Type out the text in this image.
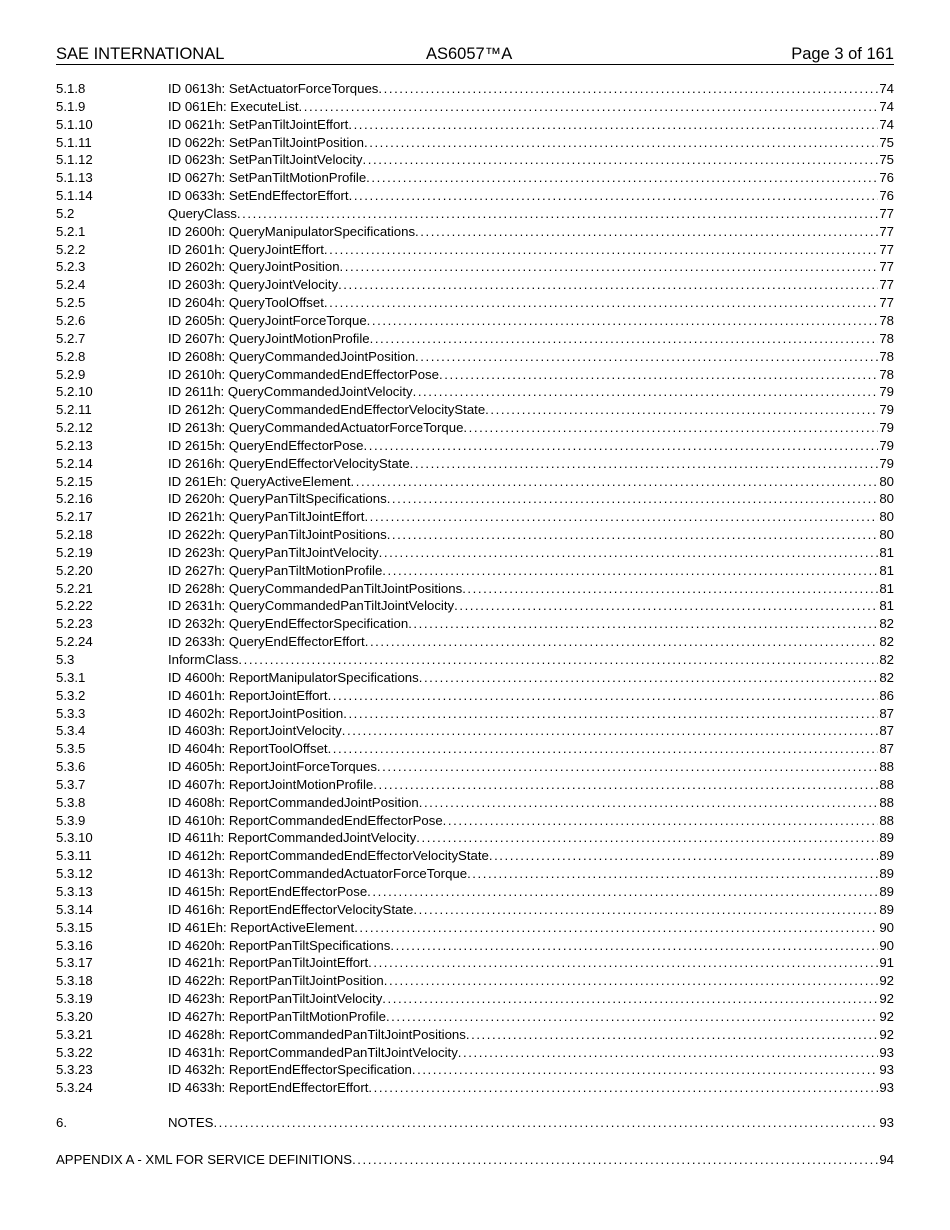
SAE INTERNATIONAL	AS6057™A	Page 3 of 161
5.1.8	ID 0613h: SetActuatorForceTorques . . .	74
5.1.9	ID 061Eh: ExecuteList . . .	74
5.1.10	ID 0621h: SetPanTiltJointEffort . . .	74
5.1.11	ID 0622h: SetPanTiltJointPosition . . .	75
5.1.12	ID 0623h: SetPanTiltJointVelocity . . .	75
5.1.13	ID 0627h: SetPanTiltMotionProfile . . .	76
5.1.14	ID 0633h: SetEndEffectorEffort . . .	76
5.2	QueryClass . . .	77
5.2.1	ID 2600h: QueryManipulatorSpecifications . . .	77
5.2.2	ID 2601h: QueryJointEffort . . .	77
5.2.3	ID 2602h: QueryJointPosition . . .	77
5.2.4	ID 2603h: QueryJointVelocity . . .	77
5.2.5	ID 2604h: QueryToolOffset . . .	77
5.2.6	ID 2605h: QueryJointForceTorque . . .	78
5.2.7	ID 2607h: QueryJointMotionProfile . . .	78
5.2.8	ID 2608h: QueryCommandedJointPosition . . .	78
5.2.9	ID 2610h: QueryCommandedEndEffectorPose . . .	78
5.2.10	ID 2611h: QueryCommandedJointVelocity . . .	79
5.2.11	ID 2612h: QueryCommandedEndEffectorVelocityState . . .	79
5.2.12	ID 2613h: QueryCommandedActuatorForceTorque . . .	79
5.2.13	ID 2615h: QueryEndEffectorPose . . .	79
5.2.14	ID 2616h: QueryEndEffectorVelocityState . . .	79
5.2.15	ID 261Eh: QueryActiveElement . . .	80
5.2.16	ID 2620h: QueryPanTiltSpecifications . . .	80
5.2.17	ID 2621h: QueryPanTiltJointEffort . . .	80
5.2.18	ID 2622h: QueryPanTiltJointPositions . . .	80
5.2.19	ID 2623h: QueryPanTiltJointVelocity . . .	81
5.2.20	ID 2627h: QueryPanTiltMotionProfile . . .	81
5.2.21	ID 2628h: QueryCommandedPanTiltJointPositions . . .	81
5.2.22	ID 2631h: QueryCommandedPanTiltJointVelocity . . .	81
5.2.23	ID 2632h: QueryEndEffectorSpecification . . .	82
5.2.24	ID 2633h: QueryEndEffectorEffort . . .	82
5.3	InformClass . . .	82
5.3.1	ID 4600h: ReportManipulatorSpecifications . . .	82
5.3.2	ID 4601h: ReportJointEffort . . .	86
5.3.3	ID 4602h: ReportJointPosition . . .	87
5.3.4	ID 4603h: ReportJointVelocity . . .	87
5.3.5	ID 4604h: ReportToolOffset . . .	87
5.3.6	ID 4605h: ReportJointForceTorques . . .	88
5.3.7	ID 4607h: ReportJointMotionProfile . . .	88
5.3.8	ID 4608h: ReportCommandedJointPosition . . .	88
5.3.9	ID 4610h: ReportCommandedEndEffectorPose . . .	88
5.3.10	ID 4611h: ReportCommandedJointVelocity . . .	89
5.3.11	ID 4612h: ReportCommandedEndEffectorVelocityState . . .	89
5.3.12	ID 4613h: ReportCommandedActuatorForceTorque . . .	89
5.3.13	ID 4615h: ReportEndEffectorPose . . .	89
5.3.14	ID 4616h: ReportEndEffectorVelocityState . . .	89
5.3.15	ID 461Eh: ReportActiveElement . . .	90
5.3.16	ID 4620h: ReportPanTiltSpecifications . . .	90
5.3.17	ID 4621h: ReportPanTiltJointEffort . . .	91
5.3.18	ID 4622h: ReportPanTiltJointPosition . . .	92
5.3.19	ID 4623h: ReportPanTiltJointVelocity . . .	92
5.3.20	ID 4627h: ReportPanTiltMotionProfile . . .	92
5.3.21	ID 4628h: ReportCommandedPanTiltJointPositions . . .	92
5.3.22	ID 4631h: ReportCommandedPanTiltJointVelocity . . .	93
5.3.23	ID 4632h: ReportEndEffectorSpecification . . .	93
5.3.24	ID 4633h: ReportEndEffectorEffort . . .	93
6.	NOTES . . .	93
APPENDIX A - XML FOR SERVICE DEFINITIONS . . .	94
